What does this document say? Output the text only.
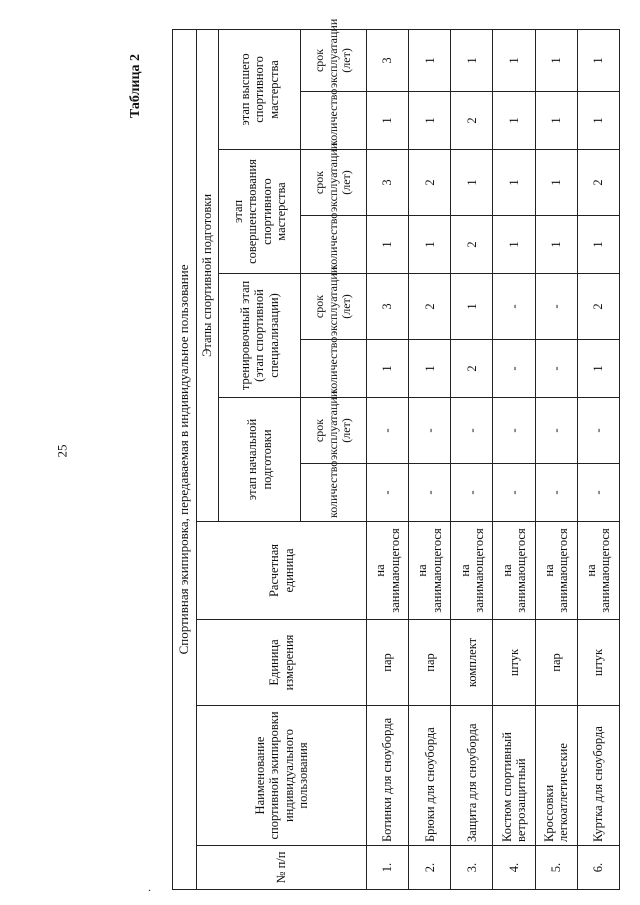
25
Таблица 2
.
Спортивная экипировка, передаваемая в индивидуальное пользование											
№ п/п	Наименование спортивной экипировки индивидуального пользования	Единица измерения	Расчетная единица	Этапы спортивной подготовки							
				этап начальной подготовки		тренировочный этап (этап спортивной специализации)		этап совершенствования спортивного мастерства		этап высшего спортивного мастерства	
				количество	срок эксплуатации (лет)	количество	срок эксплуатации (лет)	количество	срок эксплуатации (лет)	количество	срок эксплуатации (лет)
1.	Ботинки для сноуборда	пар	на занимающегося	-	-	1	3	1	3	1	3
2.	Брюки для сноуборда	пар	на занимающегося	-	-	1	2	1	2	1	1
3.	Защита для сноуборда	комплект	на занимающегося	-	-	2	1	2	1	2	1
4.	Костюм спортивный ветрозащитный	штук	на занимающегося	-	-	-	-	1	1	1	1
5.	Кроссовки легкоатлетические	пар	на занимающегося	-	-	-	-	1	1	1	1
6.	Куртка для сноуборда	штук	на занимающегося	-	-	1	2	1	2	1	1
